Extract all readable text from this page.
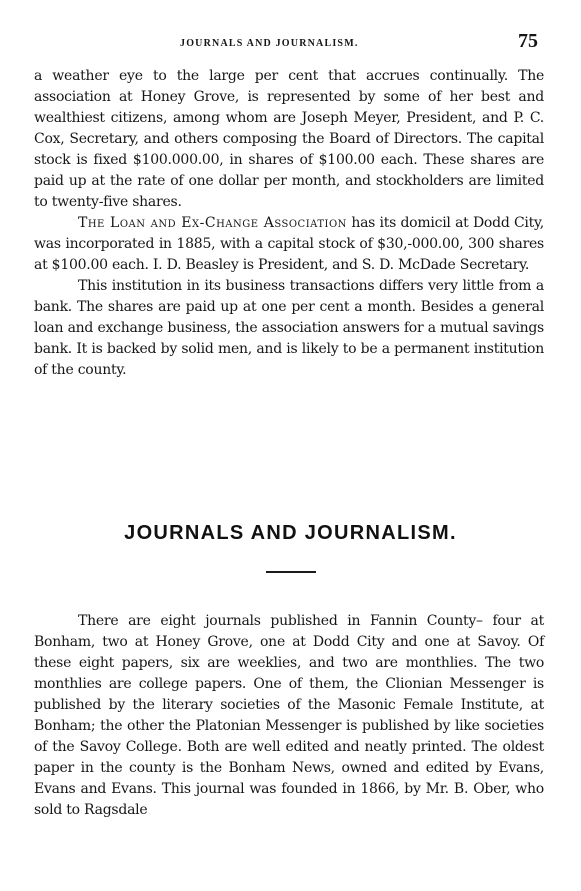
JOURNALS AND JOURNALISM.	75

a weather eye to the large per cent that accrues continually. The association at Honey Grove, is represented by some of her best and wealthiest citizens, among whom are Joseph Meyer, President, and P. C. Cox, Secretary, and others composing the Board of Directors. The capital stock is fixed $100.000.00, in shares of $100.00 each. These shares are paid up at the rate of one dollar per month, and stockholders are limited to twenty-five shares.

The Loan and Ex-Change Association has its domicil at Dodd City, was incorporated in 1885, with a capital stock of $30,-000.00, 300 shares at $100.00 each. I. D. Beasley is President, and S. D. McDade Secretary.

This institution in its business transactions differs very little from a bank. The shares are paid up at one per cent a month. Besides a general loan and exchange business, the association answers for a mutual savings bank. It is backed by solid men, and is likely to be a permanent institution of the county.

JOURNALS AND JOURNALISM.

There are eight journals published in Fannin County– four at Bonham, two at Honey Grove, one at Dodd City and one at Savoy. Of these eight papers, six are weeklies, and two are monthlies. The two monthlies are college papers. One of them, the Clionian Messenger is published by the literary societies of the Masonic Female Institute, at Bonham; the other the Platonian Messenger is published by like societies of the Savoy College. Both are well edited and neatly printed. The oldest paper in the county is the Bonham News, owned and edited by Evans, Evans and Evans. This journal was founded in 1866, by Mr. B. Ober, who sold to Ragsdale
